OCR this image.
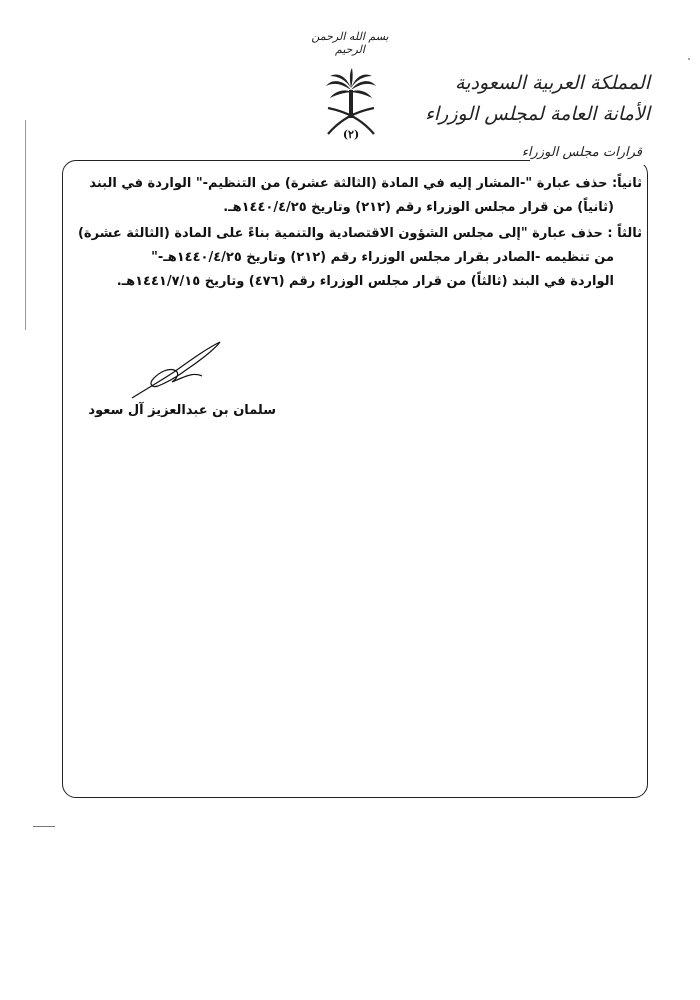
بسم الله الرحمن الرحيم
(٢)
المملكة العربية السعودية
الأمانة العامة لمجلس الوزراء
قرارات مجلس الوزراء

ثانياً: حذف عبارة "-المشار إليه في المادة (الثالثة عشرة) من التنظيم-" الواردة في البند
(ثانياً) من قرار مجلس الوزراء رقم (٢١٢) وتاريخ ١٤٤٠/٤/٢٥هـ.

ثالثاً : حذف عبارة "إلى مجلس الشؤون الاقتصادية والتنمية بناءً على المادة (الثالثة عشرة)
من تنظيمه -الصادر بقرار مجلس الوزراء رقم (٢١٢) وتاريخ ١٤٤٠/٤/٢٥هـ-"
الواردة في البند (ثالثاً) من قرار مجلس الوزراء رقم (٤٧٦) وتاريخ ١٤٤١/٧/١٥هـ.

سلمان بن عبدالعزيز آل سعود
